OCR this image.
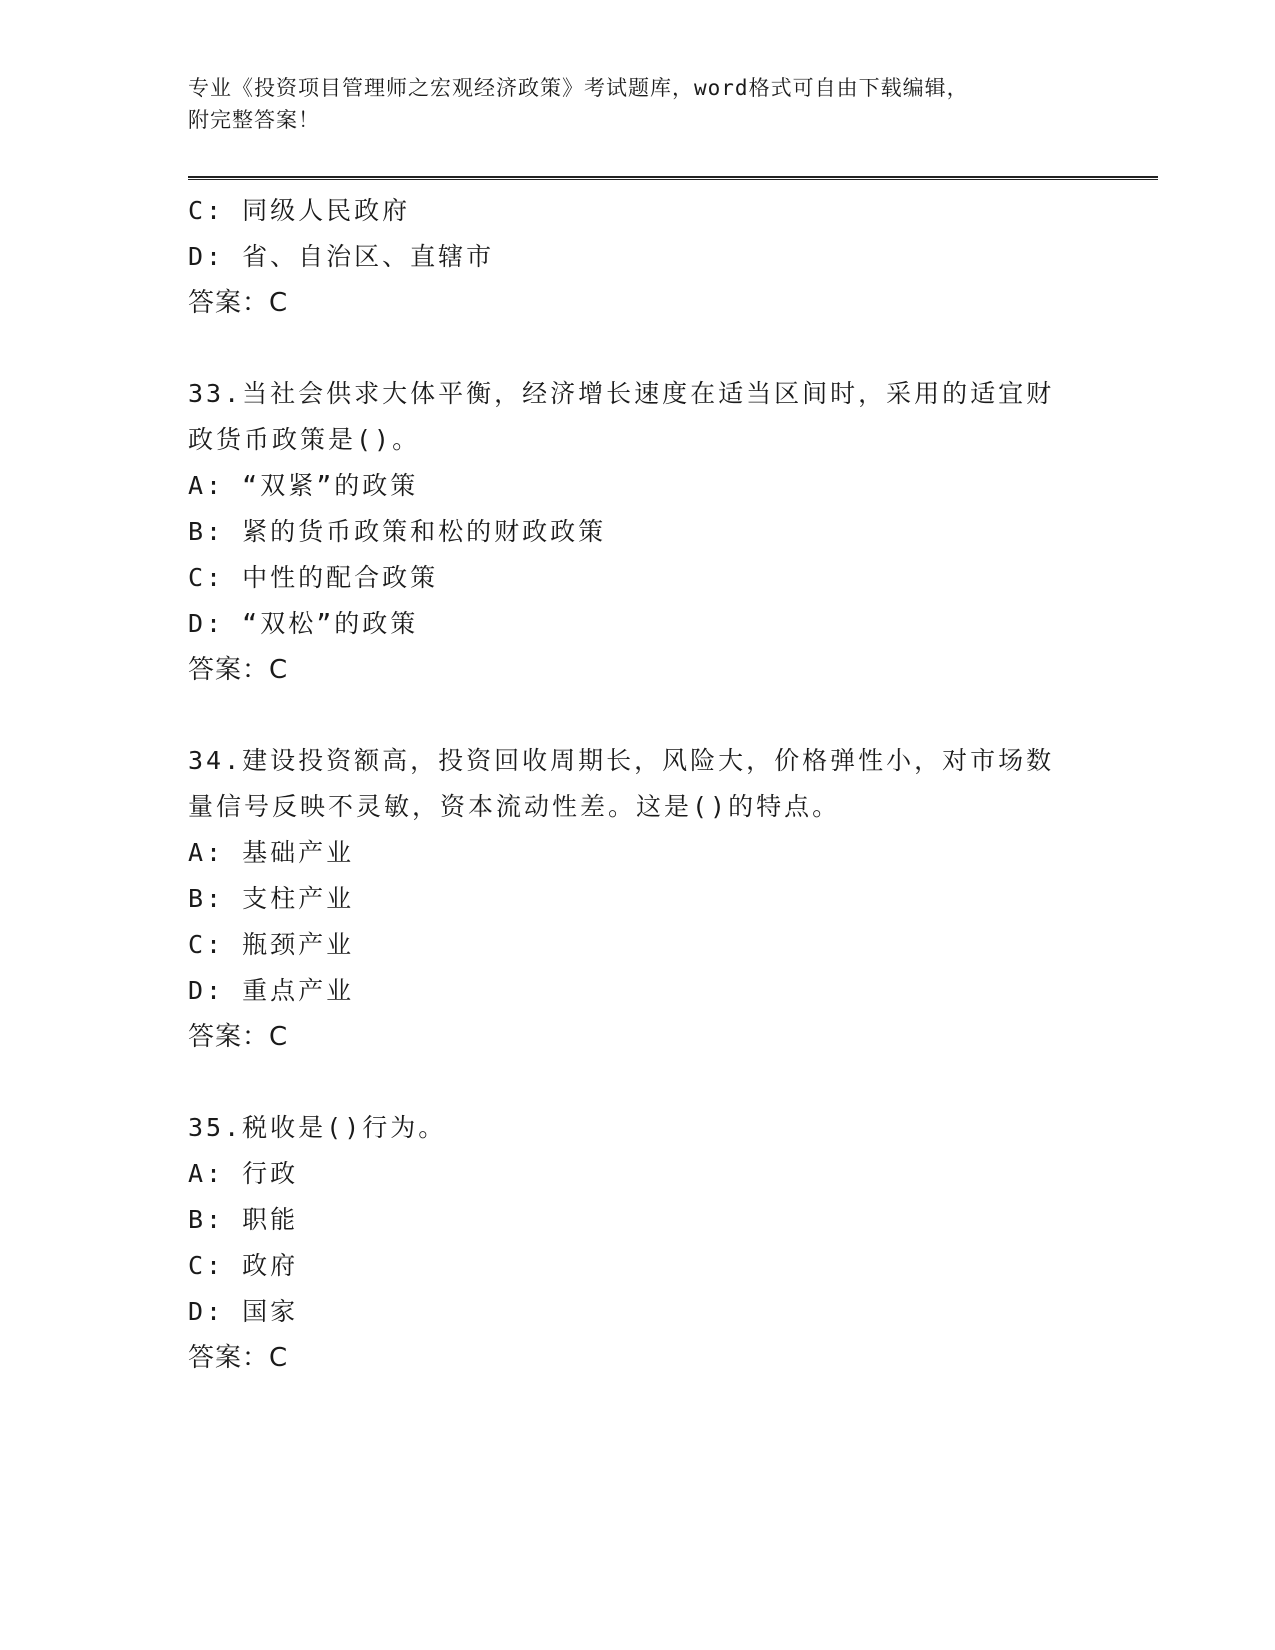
专业《投资项目管理师之宏观经济政策》考试题库，word格式可自由下载编辑，
附完整答案！
C: 同级人民政府
D: 省、自治区、直辖市
答案：C
33.当社会供求大体平衡，经济增长速度在适当区间时，采用的适宜财
政货币政策是()。
A: “双紧”的政策
B: 紧的货币政策和松的财政政策
C: 中性的配合政策
D: “双松”的政策
答案：C
34.建设投资额高，投资回收周期长，风险大，价格弹性小，对市场数
量信号反映不灵敏，资本流动性差。这是()的特点。
A: 基础产业
B: 支柱产业
C: 瓶颈产业
D: 重点产业
答案：C
35.税收是()行为。
A: 行政
B: 职能
C: 政府
D: 国家
答案：C
